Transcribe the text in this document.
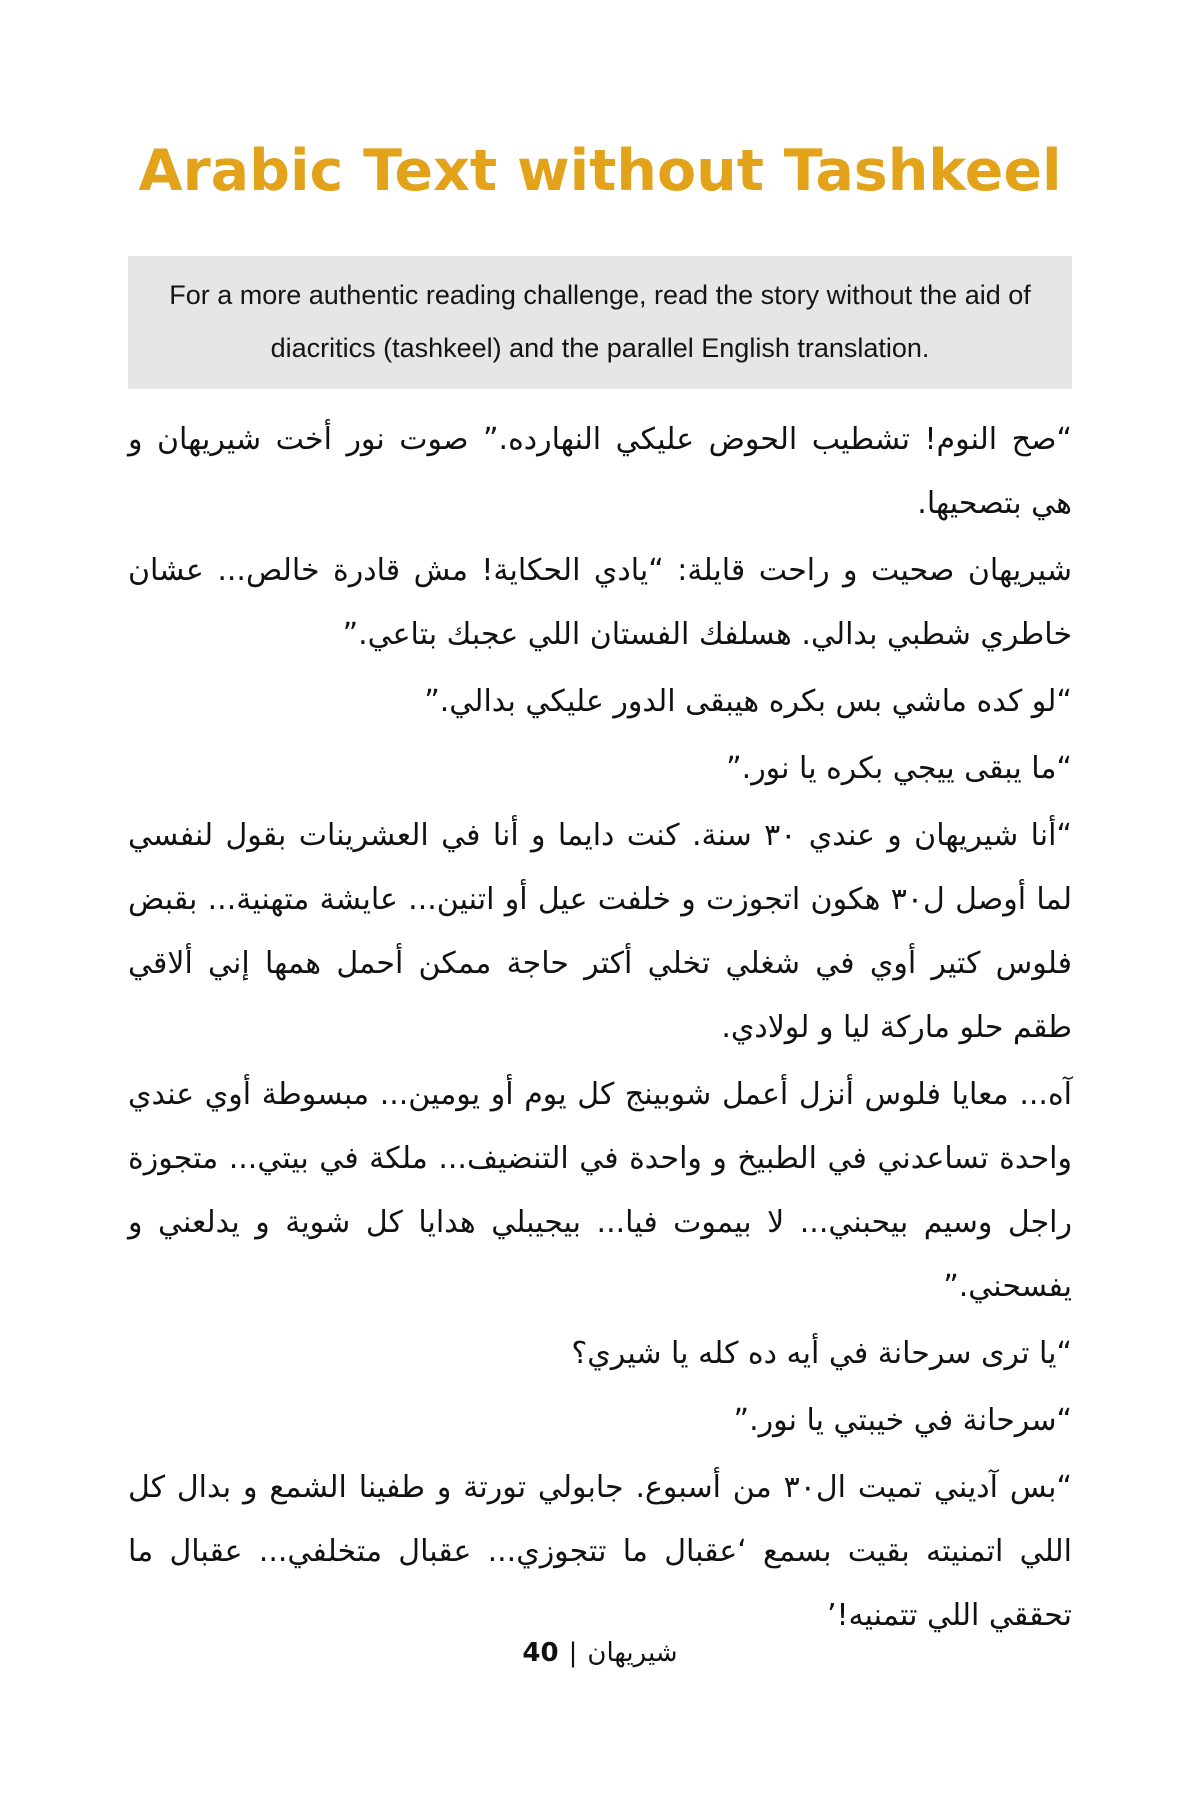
Arabic Text without Tashkeel
For a more authentic reading challenge, read the story without the aid of diacritics (tashkeel) and the parallel English translation.

“صح النوم! تشطيب الحوض عليكي النهارده.” صوت نور أخت شيريهان و هي بتصحيها.

شيريهان صحيت و راحت قايلة: “يادي الحكاية! مش قادرة خالص... عشان خاطري شطبي بدالي. هسلفك الفستان اللي عجبك بتاعي.”

“لو كده ماشي بس بكره هيبقى الدور عليكي بدالي.”

“ما يبقى ييجي بكره يا نور.”

“أنا شيريهان و عندي ٣٠ سنة. كنت دايما و أنا في العشرينات بقول لنفسي لما أوصل ل٣٠ هكون اتجوزت و خلفت عيل أو اتنين... عايشة متهنية... بقبض فلوس كتير أوي في شغلي تخلي أكتر حاجة ممكن أحمل همها إني ألاقي طقم حلو ماركة ليا و لولادي.

آه... معايا فلوس أنزل أعمل شوبينج كل يوم أو يومين... مبسوطة أوي عندي واحدة تساعدني في الطبيخ و واحدة في التنضيف... ملكة في بيتي... متجوزة راجل وسيم بيحبني... لا بيموت فيا... بيجيبلي هدايا كل شوية و يدلعني و يفسحني.”

“يا ترى سرحانة في أيه ده كله يا شيري؟

“سرحانة في خيبتي يا نور.”

“بس آديني تميت ال٣٠ من أسبوع. جابولي تورتة و طفينا الشمع و بدال كل اللي اتمنيته بقيت بسمع ‘عقبال ما تتجوزي... عقبال متخلفي... عقبال ما تحققي اللي تتمنيه!’

شيريهان|40
